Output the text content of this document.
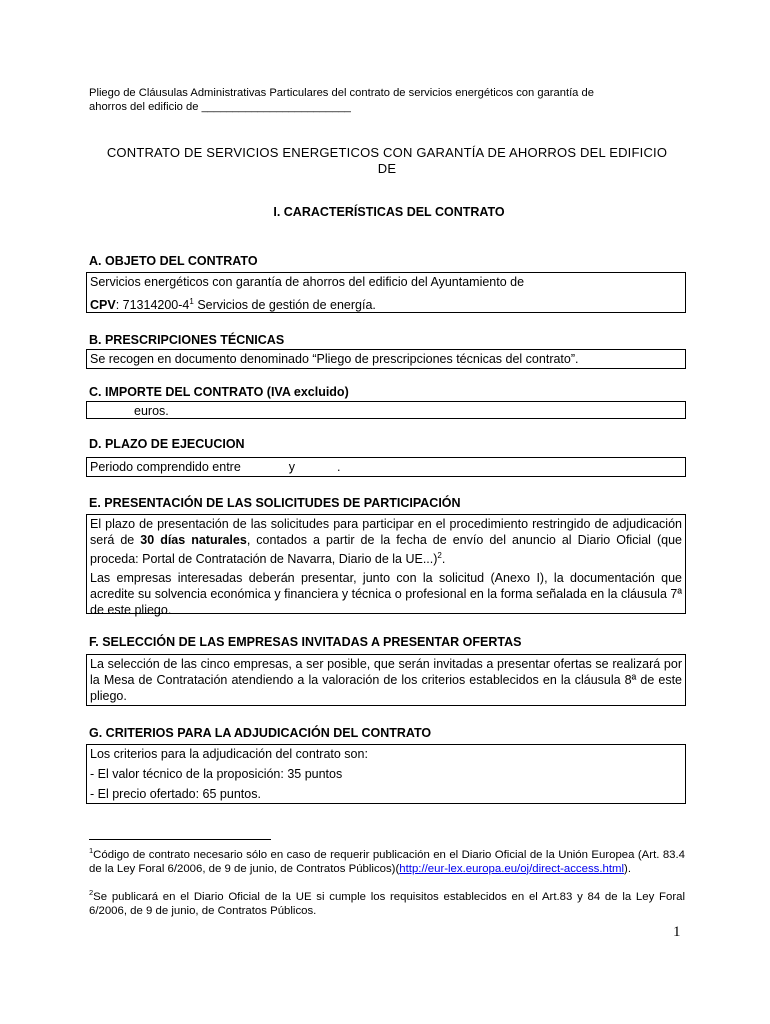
Pliego de Cláusulas Administrativas Particulares del contrato de servicios energéticos con garantía de
ahorros del edificio de ________________________
CONTRATO DE SERVICIOS ENERGETICOS CON GARANTÍA DE AHORROS DEL EDIFICIO
DE
I. CARACTERÍSTICAS DEL CONTRATO
A. OBJETO DEL CONTRATO

Servicios energéticos con garantía de ahorros del edificio del Ayuntamiento de

CPV: $71314200-4^1$ Servicios de gestión de energía.

B. PRESCRIPCIONES TÉCNICAS

Se recogen en documento denominado “Pliego de prescripciones técnicas del contrato”.

C. IMPORTE DEL CONTRATO (IVA excluido)

euros.

D. PLAZO DE EJECUCION

Periodo comprendido entre	y	.

E. PRESENTACIÓN DE LAS SOLICITUDES DE PARTICIPACIÓN

El plazo de presentación de las solicitudes para participar en el procedimiento restringido de adjudicación será de 30 días naturales, contados a partir de la fecha de envío del anuncio al Diario Oficial (que proceda: Portal de Contratación de Navarra, Diario de la UE...)$^2$.

Las empresas interesadas deberán presentar, junto con la solicitud (Anexo I), la documentación que acredite su solvencia económica y financiera y técnica o profesional en la forma señalada en la cláusula 7ª de este pliego.

F. SELECCIÓN DE LAS EMPRESAS INVITADAS A PRESENTAR OFERTAS

La selección de las cinco empresas, a ser posible, que serán invitadas a presentar ofertas se realizará por la Mesa de Contratación atendiendo a la valoración de los criterios establecidos en la cláusula 8ª de este pliego.

G. CRITERIOS PARA LA ADJUDICACIÓN DEL CONTRATO

Los criterios para la adjudicación del contrato son:

- El valor técnico de la proposición: 35 puntos

- El precio ofertado: 65 puntos.

$^1$Código de contrato necesario sólo en caso de requerir publicación en el Diario Oficial de la Unión Europea (Art. 83.4 de la Ley Foral 6/2006, de 9 de junio, de Contratos Públicos)(http://eur-lex.europa.eu/oj/direct-access.html).
$^2$Se publicará en el Diario Oficial de la UE si cumple los requisitos establecidos en el Art.83 y 84 de la Ley Foral 6/2006, de 9 de junio, de Contratos Públicos.
1
